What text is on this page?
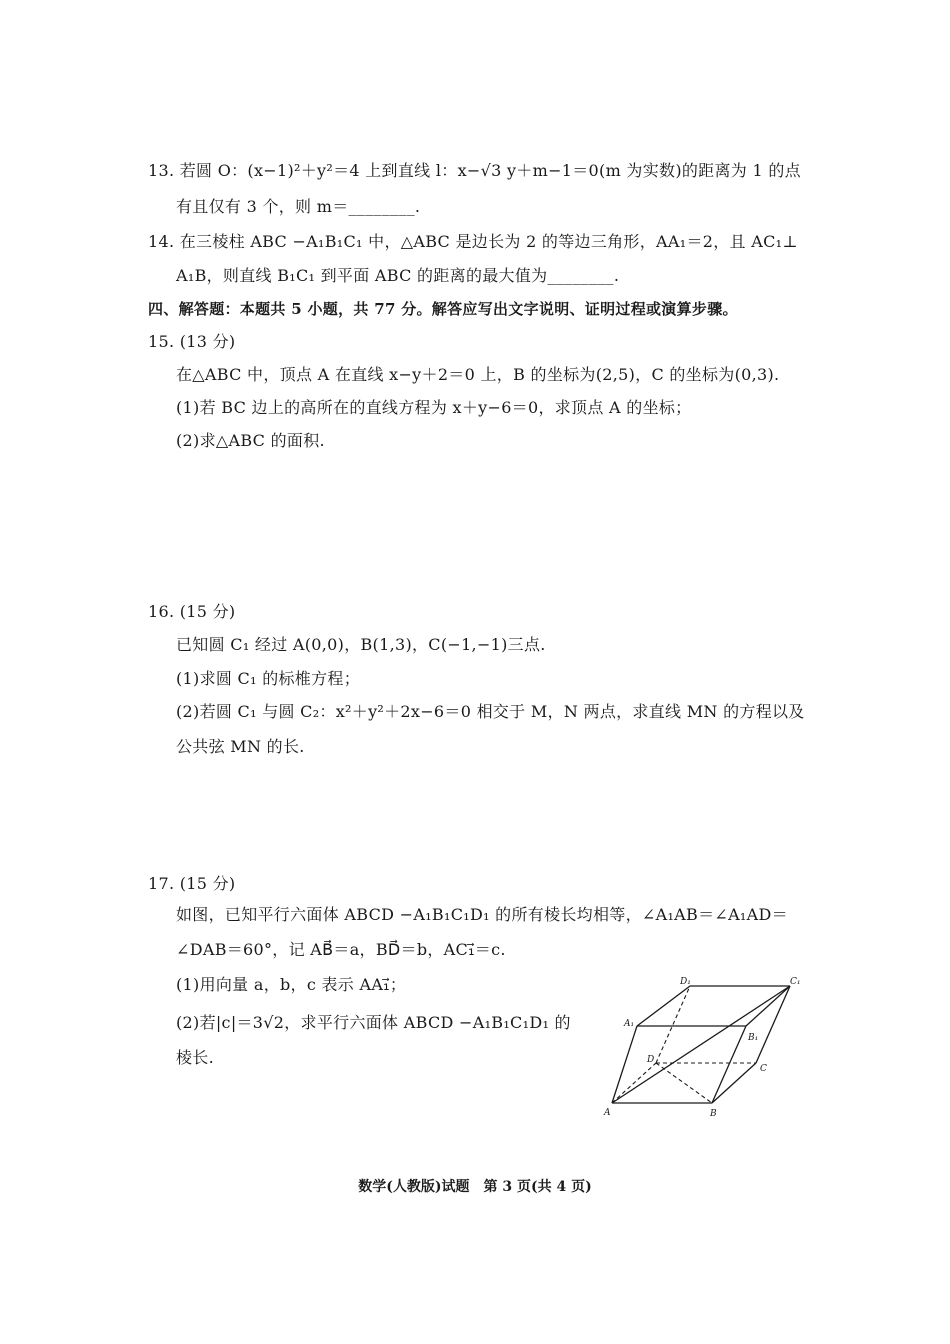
13. 若圆 O：(x−1)²＋y²＝4 上到直线 l：x−√3 y＋m−1＝0(m 为实数)的距离为 1 的点
有且仅有 3 个，则 m＝________.
14. 在三棱柱 ABC −A₁B₁C₁ 中，△ABC 是边长为 2 的等边三角形，AA₁＝2，且 AC₁⊥
A₁B，则直线 B₁C₁ 到平面 ABC 的距离的最大值为________.
四、解答题：本题共 5 小题，共 77 分。解答应写出文字说明、证明过程或演算步骤。
15. (13 分)
在△ABC 中，顶点 A 在直线 x−y＋2＝0 上，B 的坐标为(2,5)，C 的坐标为(0,3).
(1)若 BC 边上的高所在的直线方程为 x＋y−6＝0，求顶点 A 的坐标；
(2)求△ABC 的面积.
16. (15 分)
已知圆 C₁ 经过 A(0,0)，B(1,3)，C(−1,−1)三点.
(1)求圆 C₁ 的标椎方程；
(2)若圆 C₁ 与圆 C₂：x²＋y²＋2x−6＝0 相交于 M，N 两点，求直线 MN 的方程以及
公共弦 MN 的长.
17. (15 分)
如图，已知平行六面体 ABCD −A₁B₁C₁D₁ 的所有棱长均相等，∠A₁AB＝∠A₁AD＝
∠DAB＝60°，记 AB⃗＝a，BD⃗＝b，AC₁⃗＝c.
(1)用向量 a，b，c 表示 AA₁⃗；
(2)若|c|＝3√2，求平行六面体 ABCD −A₁B₁C₁D₁ 的
棱长.
A	B
C
D
A₁
B₁
C₁
D₁
数学(人教版)试题　第 3 页(共 4 页)
